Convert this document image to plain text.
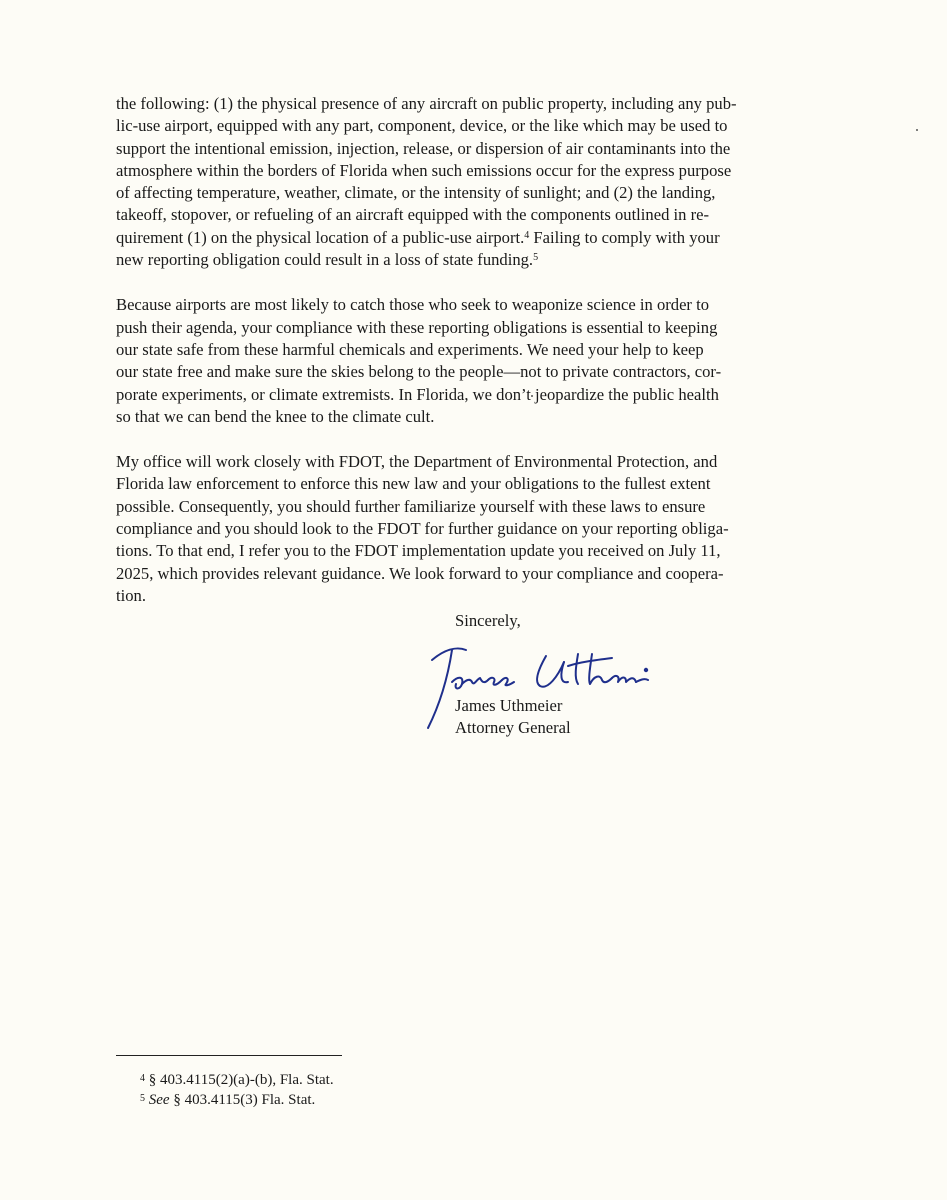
the following: (1) the physical presence of any aircraft on public property, including any pub-
lic-use airport, equipped with any part, component, device, or the like which may be used to
support the intentional emission, injection, release, or dispersion of air contaminants into the
atmosphere within the borders of Florida when such emissions occur for the express purpose
of affecting temperature, weather, climate, or the intensity of sunlight; and (2) the landing,
takeoff, stopover, or refueling of an aircraft equipped with the components outlined in re-
quirement (1) on the physical location of a public-use airport.$^4$ Failing to comply with your
new reporting obligation could result in a loss of state funding.$^5$

Because airports are most likely to catch those who seek to weaponize science in order to
push their agenda, your compliance with these reporting obligations is essential to keeping
our state safe from these harmful chemicals and experiments. We need your help to keep
our state free and make sure the skies belong to the people—not to private contractors, cor-
porate experiments, or climate extremists. In Florida, we don’t jeopardize the public health
so that we can bend the knee to the climate cult.

My office will work closely with FDOT, the Department of Environmental Protection, and
Florida law enforcement to enforce this new law and your obligations to the fullest extent
possible. Consequently, you should further familiarize yourself with these laws to ensure
compliance and you should look to the FDOT for further guidance on your reporting obliga-
tions. To that end, I refer you to the FDOT implementation update you received on July 11,
2025, which provides relevant guidance. We look forward to your compliance and coopera-
tion.

Sincerely,
James Uthmeier
Attorney General
$^4$ § 403.4115(2)(a)-(b), Fla. Stat.
$^5$ See § 403.4115(3) Fla. Stat.
